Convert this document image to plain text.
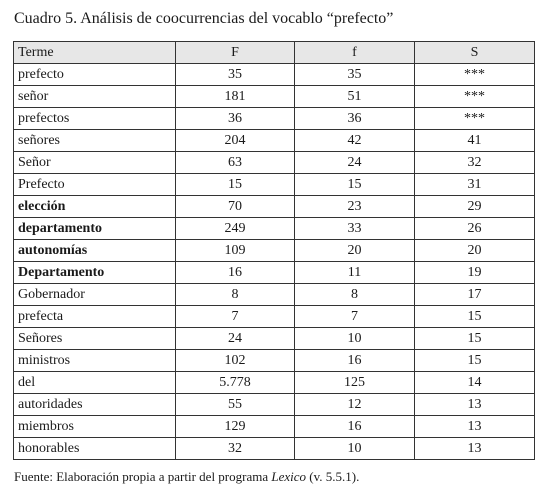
Cuadro 5. Análisis de coocurrencias del vocablo “prefecto”
Terme	F	f	S
prefecto	35	35	***
señor	181	51	***
prefectos	36	36	***
señores	204	42	41
Señor	63	24	32
Prefecto	15	15	31
elección	70	23	29
departamento	249	33	26
autonomías	109	20	20
Departamento	16	11	19
Gobernador	8	8	17
prefecta	7	7	15
Señores	24	10	15
ministros	102	16	15
del	5.778	125	14
autoridades	55	12	13
miembros	129	16	13
honorables	32	10	13
Fuente: Elaboración propia a partir del programa Lexico (v. 5.5.1).
